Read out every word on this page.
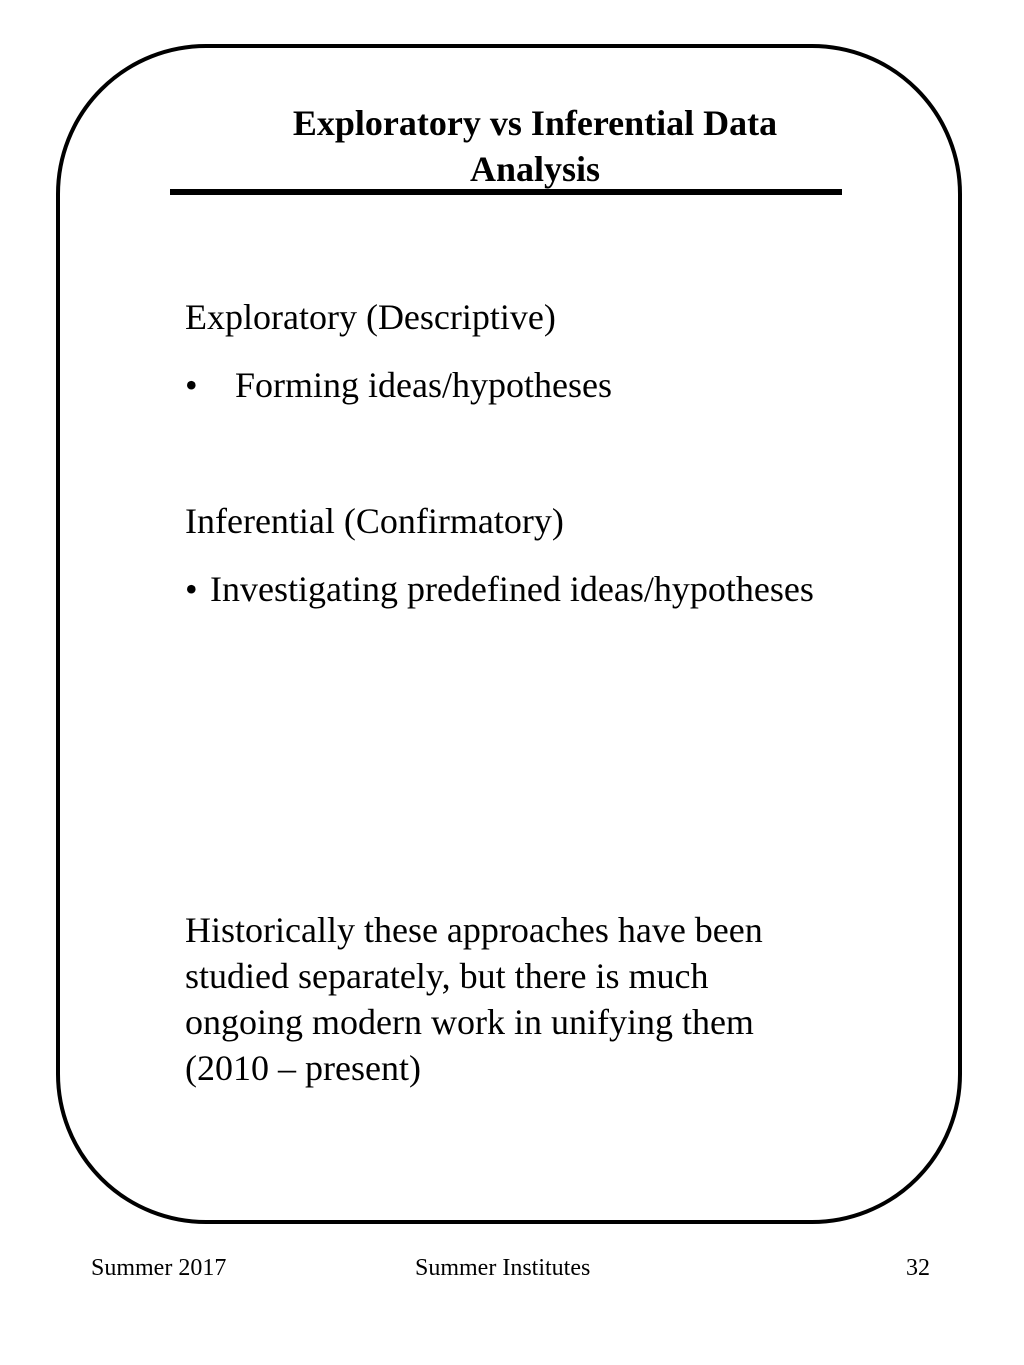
Exploratory vs Inferential Data
Analysis
Exploratory (Descriptive)
• Forming ideas/hypotheses
Inferential (Confirmatory)
• Investigating predefined ideas/hypotheses
Historically these approaches have been
studied separately, but there is much
ongoing modern work in unifying them
(2010 – present)
Summer 2017	Summer Institutes	32
